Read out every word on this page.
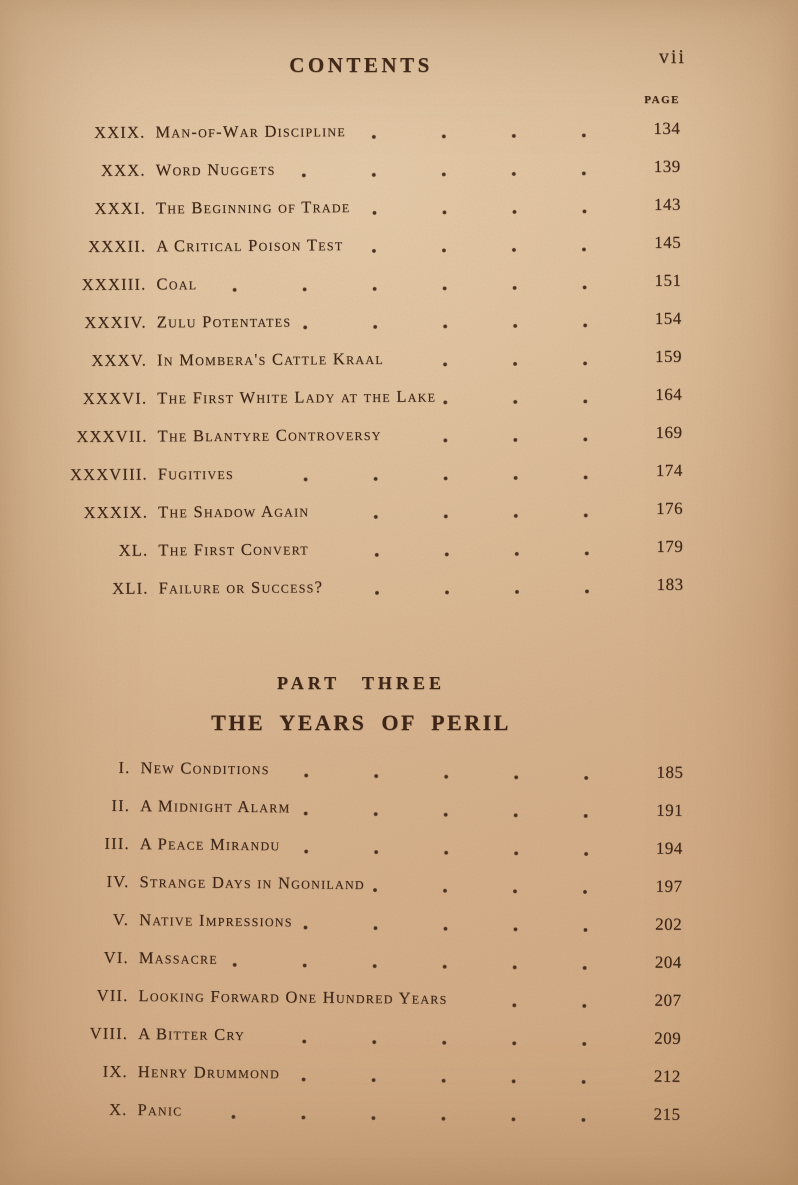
CONTENTS	vii
PAGE
XXIX. Man-of-War Discipline	134
XXX. Word Nuggets	139
XXXI. The Beginning of Trade	143
XXXII. A Critical Poison Test	145
XXXIII. Coal	151
XXXIV. Zulu Potentates	154
XXXV. In Mombera's Cattle Kraal	159
XXXVI. The First White Lady at the Lake	164
XXXVII. The Blantyre Controversy	169
XXXVIII. Fugitives	174
XXXIX. The Shadow Again	176
XL. The First Convert	179
XLI. Failure or Success?	183
PART THREE
THE YEARS OF PERIL
I. New Conditions	185
II. A Midnight Alarm	191
III. A Peace Mirandu	194
IV. Strange Days in Ngoniland	197
V. Native Impressions	202
VI. Massacre	204
VII. Looking Forward One Hundred Years	207
VIII. A Bitter Cry	209
IX. Henry Drummond	212
X. Panic	215
